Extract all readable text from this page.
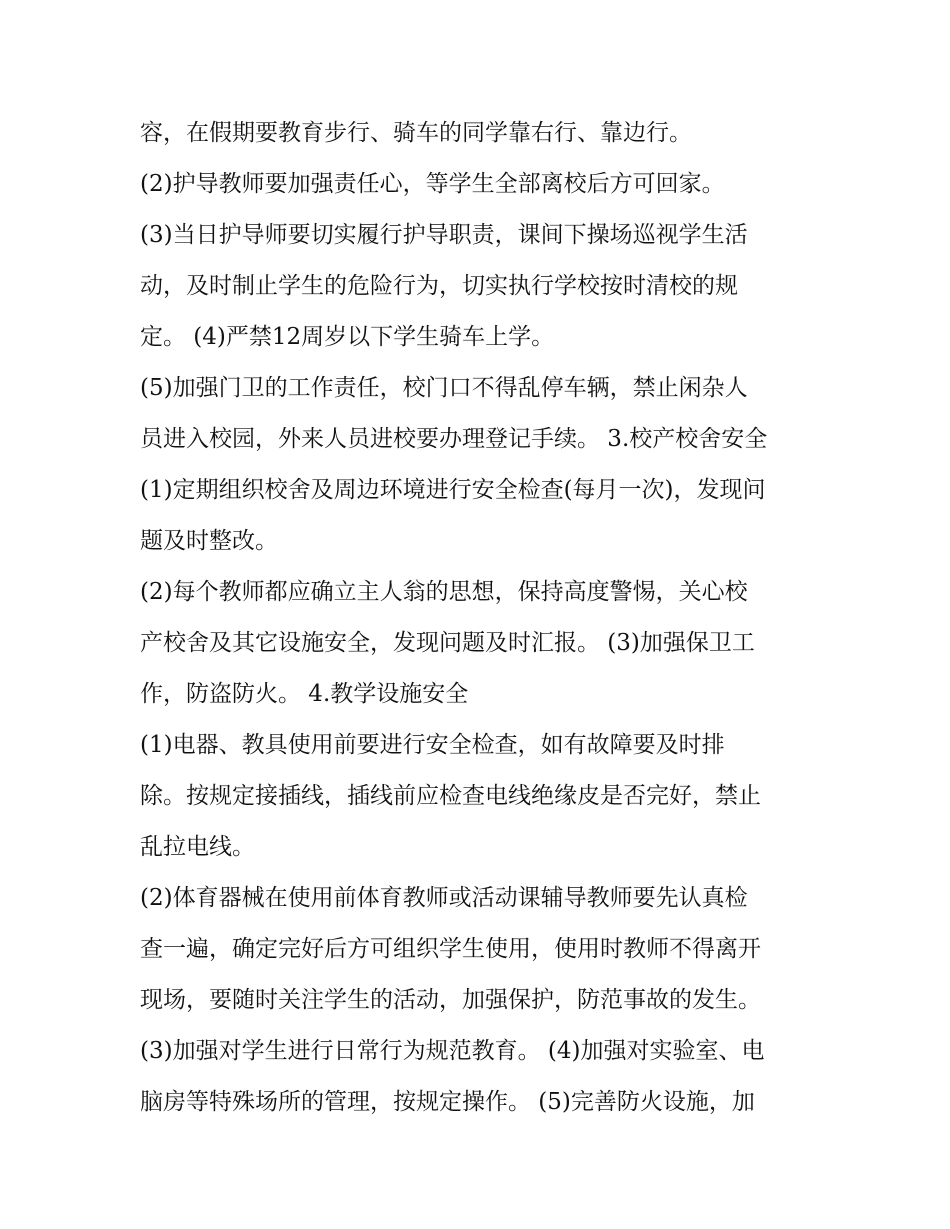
容，在假期要教育步行、骑车的同学靠右行、靠边行。
(2)护导教师要加强责任心，等学生全部离校后方可回家。
(3)当日护导师要切实履行护导职责，课间下操场巡视学生活
动，及时制止学生的危险行为，切实执行学校按时清校的规
定。 (4)严禁12周岁以下学生骑车上学。
(5)加强门卫的工作责任，校门口不得乱停车辆，禁止闲杂人
员进入校园，外来人员进校要办理登记手续。 3.校产校舍安全
(1)定期组织校舍及周边环境进行安全检查(每月一次)，发现问
题及时整改。
(2)每个教师都应确立主人翁的思想，保持高度警惕，关心校
产校舍及其它设施安全，发现问题及时汇报。 (3)加强保卫工
作，防盗防火。 4.教学设施安全
(1)电器、教具使用前要进行安全检查，如有故障要及时排
除。按规定接插线，插线前应检查电线绝缘皮是否完好，禁止
乱拉电线。
(2)体育器械在使用前体育教师或活动课辅导教师要先认真检
查一遍，确定完好后方可组织学生使用，使用时教师不得离开
现场，要随时关注学生的活动，加强保护，防范事故的发生。
(3)加强对学生进行日常行为规范教育。 (4)加强对实验室、电
脑房等特殊场所的管理，按规定操作。 (5)完善防火设施，加
